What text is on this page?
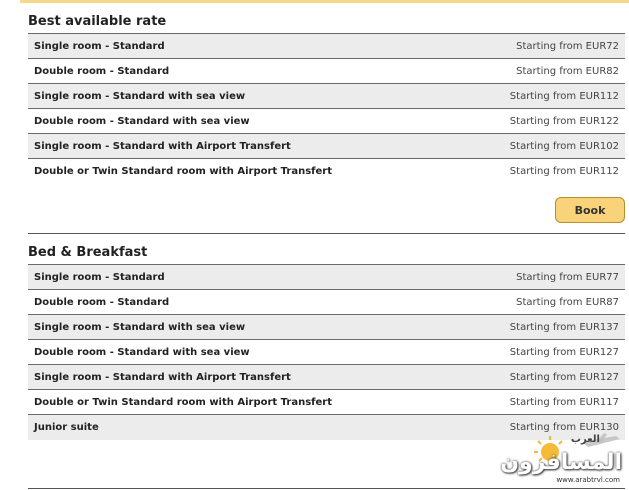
Best available rate
Single room - Standard	Starting from EUR72
Double room - Standard	Starting from EUR82
Single room - Standard with sea view	Starting from EUR112
Double room - Standard with sea view	Starting from EUR122
Single room - Standard with Airport Transfert	Starting from EUR102
Double or Twin Standard room with Airport Transfert	Starting from EUR112
Book
Bed & Breakfast
Single room - Standard	Starting from EUR77
Double room - Standard	Starting from EUR87
Single room - Standard with sea view	Starting from EUR137
Double room - Standard with sea view	Starting from EUR127
Single room - Standard with Airport Transfert	Starting from EUR127
Double or Twin Standard room with Airport Transfert	Starting from EUR117
Junior suite	Starting from EUR130
العرب
المسافرون
www.arabtrvl.com
